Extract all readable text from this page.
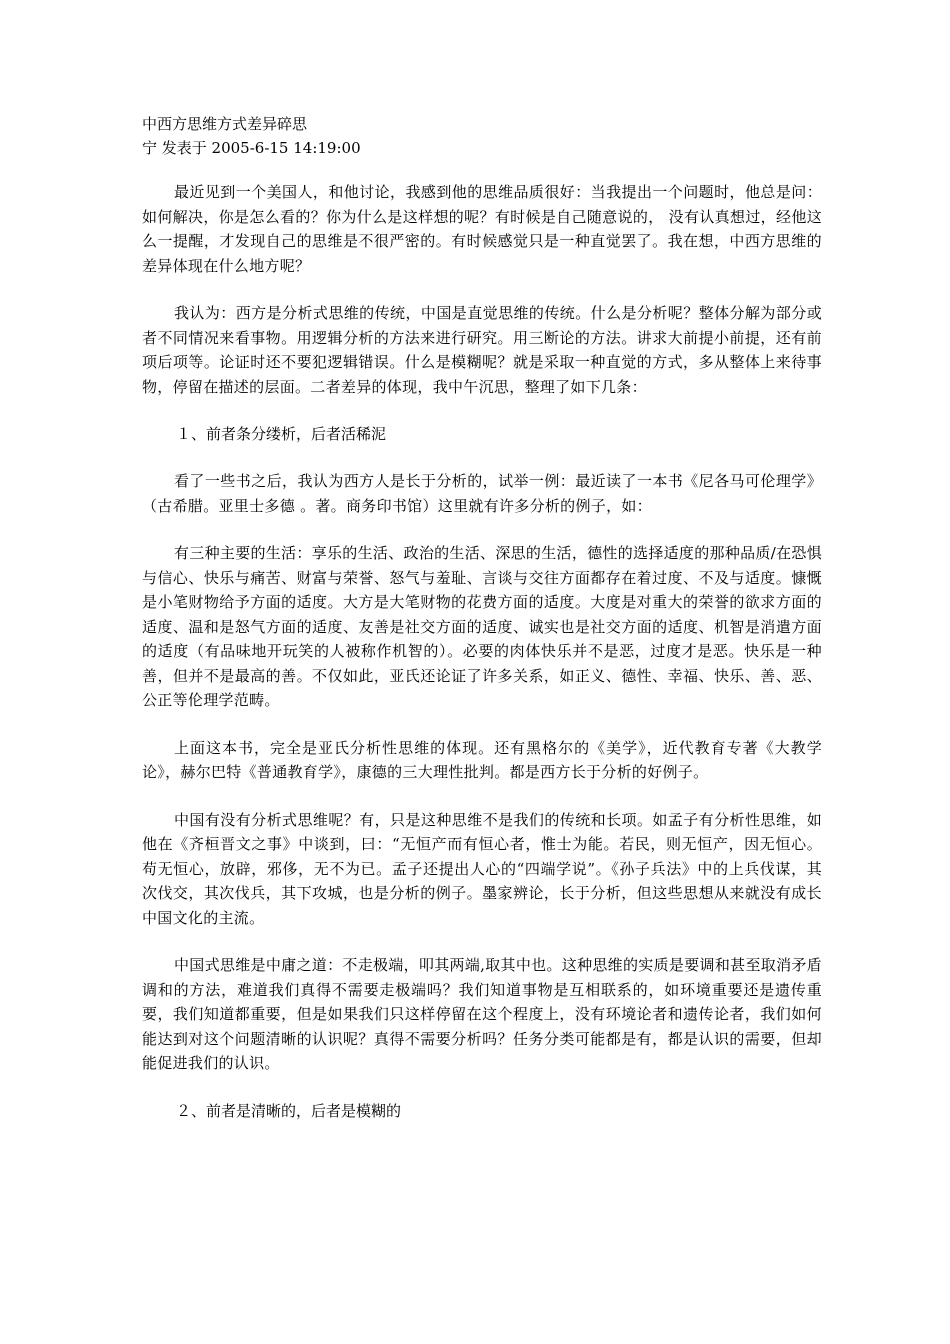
中西方思维方式差异碎思

宁 发表于 2005-6-15 14:19:00

最近见到一个美国人，和他讨论，我感到他的思维品质很好：当我提出一个问题时，他总是问：如何解决，你是怎么看的？你为什么是这样想的呢？有时候是自己随意说的， 没有认真想过，经他这么一提醒，才发现自己的思维是不很严密的。有时候感觉只是一种直觉罢了。我在想，中西方思维的差异体现在什么地方呢？

我认为：西方是分析式思维的传统，中国是直觉思维的传统。什么是分析呢？整体分解为部分或者不同情况来看事物。用逻辑分析的方法来进行研究。用三断论的方法。讲求大前提小前提，还有前项后项等。论证时还不要犯逻辑错误。什么是模糊呢？就是采取一种直觉的方式，多从整体上来待事物，停留在描述的层面。二者差异的体现，我中午沉思，整理了如下几条：

１、前者条分缕析，后者活稀泥

看了一些书之后，我认为西方人是长于分析的，试举一例：最近读了一本书《尼各马可伦理学》（古希腊。亚里士多德 。著。商务印书馆）这里就有许多分析的例子，如：

有三种主要的生活：享乐的生活、政治的生活、深思的生活，德性的选择适度的那种品质/在恐惧与信心、快乐与痛苦、财富与荣誉、怒气与羞耻、言谈与交往方面都存在着过度、不及与适度。慷慨是小笔财物给予方面的适度。大方是大笔财物的花费方面的适度。大度是对重大的荣誉的欲求方面的适度、温和是怒气方面的适度、友善是社交方面的适度、诚实也是社交方面的适度、机智是消遣方面的适度（有品味地开玩笑的人被称作机智的）。必要的肉体快乐并不是恶，过度才是恶。快乐是一种善，但并不是最高的善。不仅如此，亚氏还论证了许多关系，如正义、德性、幸福、快乐、善、恶、公正等伦理学范畴。

上面这本书，完全是亚氏分析性思维的体现。还有黑格尔的《美学》，近代教育专著《大教学论》，赫尔巴特《普通教育学》，康德的三大理性批判。都是西方长于分析的好例子。

中国有没有分析式思维呢？有，只是这种思维不是我们的传统和长项。如孟子有分析性思维，如他在《齐桓晋文之事》中谈到，曰：“无恒产而有恒心者，惟士为能。若民，则无恒产，因无恒心。苟无恒心，放辟，邪侈，无不为已。孟子还提出人心的“四端学说”。《孙子兵法》中的上兵伐谋，其次伐交，其次伐兵，其下攻城，也是分析的例子。墨家辨论，长于分析，但这些思想从来就没有成长中国文化的主流。

中国式思维是中庸之道：不走极端，叩其两端,取其中也。这种思维的实质是要调和甚至取消矛盾调和的方法，难道我们真得不需要走极端吗？我们知道事物是互相联系的，如环境重要还是遗传重要，我们知道都重要，但是如果我们只这样停留在这个程度上，没有环境论者和遗传论者，我们如何能达到对这个问题清晰的认识呢？真得不需要分析吗？任务分类可能都是有，都是认识的需要，但却能促进我们的认识。

２、前者是清晰的，后者是模糊的
